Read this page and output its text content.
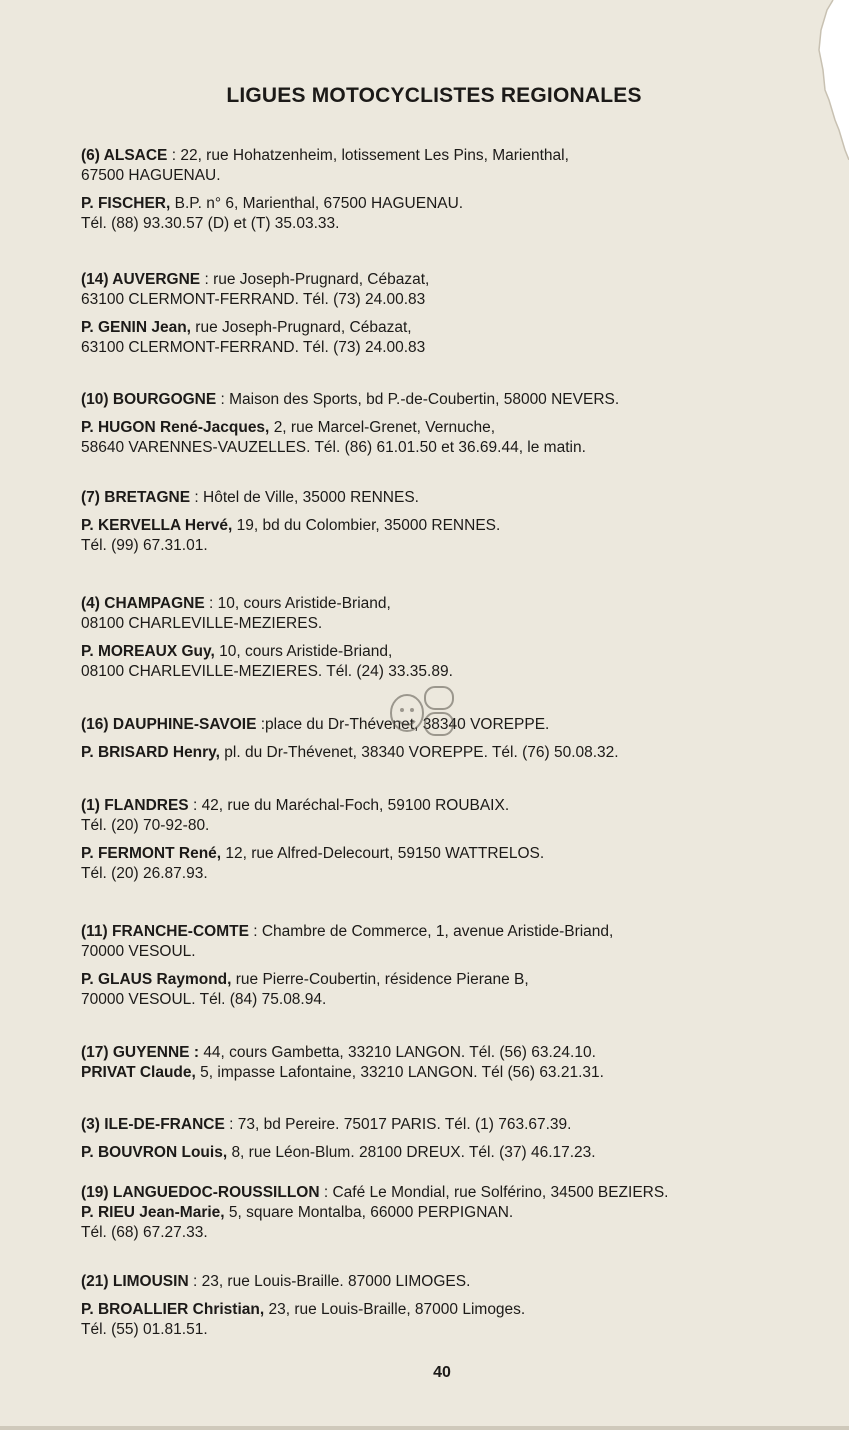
LIGUES MOTOCYCLISTES REGIONALES
(6) ALSACE : 22, rue Hohatzenheim, lotissement Les Pins, Marienthal,
67500 HAGUENAU.
P. FISCHER, B.P. n° 6, Marienthal, 67500 HAGUENAU.
Tél. (88) 93.30.57 (D) et (T) 35.03.33.
(14) AUVERGNE : rue Joseph-Prugnard, Cébazat,
63100 CLERMONT-FERRAND. Tél. (73) 24.00.83
P. GENIN Jean, rue Joseph-Prugnard, Cébazat,
63100 CLERMONT-FERRAND. Tél. (73) 24.00.83
(10) BOURGOGNE : Maison des Sports, bd P.-de-Coubertin, 58000 NEVERS.
P. HUGON René-Jacques, 2, rue Marcel-Grenet, Vernuche,
58640 VARENNES-VAUZELLES. Tél. (86) 61.01.50 et 36.69.44, le matin.
(7) BRETAGNE : Hôtel de Ville, 35000 RENNES.
P. KERVELLA Hervé, 19, bd du Colombier, 35000 RENNES.
Tél. (99) 67.31.01.
(4) CHAMPAGNE : 10, cours Aristide-Briand,
08100 CHARLEVILLE-MEZIERES.
P. MOREAUX Guy, 10, cours Aristide-Briand,
08100 CHARLEVILLE-MEZIERES. Tél. (24) 33.35.89.
(16) DAUPHINE-SAVOIE :place du Dr-Thévenet, 38340 VOREPPE.
P. BRISARD Henry, pl. du Dr-Thévenet, 38340 VOREPPE. Tél. (76) 50.08.32.
(1) FLANDRES : 42, rue du Maréchal-Foch, 59100 ROUBAIX.
Tél. (20) 70-92-80.
P. FERMONT René, 12, rue Alfred-Delecourt, 59150 WATTRELOS.
Tél. (20) 26.87.93.
(11) FRANCHE-COMTE : Chambre de Commerce, 1, avenue Aristide-Briand,
70000 VESOUL.
P. GLAUS Raymond, rue Pierre-Coubertin, résidence Pierane B,
70000 VESOUL. Tél. (84) 75.08.94.
(17) GUYENNE : 44, cours Gambetta, 33210 LANGON. Tél. (56) 63.24.10.
PRIVAT Claude, 5, impasse Lafontaine, 33210 LANGON. Tél (56) 63.21.31.
(3) ILE-DE-FRANCE : 73, bd Pereire. 75017 PARIS. Tél. (1) 763.67.39.
P. BOUVRON Louis, 8, rue Léon-Blum. 28100 DREUX. Tél. (37) 46.17.23.
(19) LANGUEDOC-ROUSSILLON : Café Le Mondial, rue Solférino, 34500 BEZIERS.
P. RIEU Jean-Marie, 5, square Montalba, 66000 PERPIGNAN.
Tél. (68) 67.27.33.
(21) LIMOUSIN : 23, rue Louis-Braille. 87000 LIMOGES.
P. BROALLIER Christian, 23, rue Louis-Braille, 87000 Limoges.
Tél. (55) 01.81.51.
40
